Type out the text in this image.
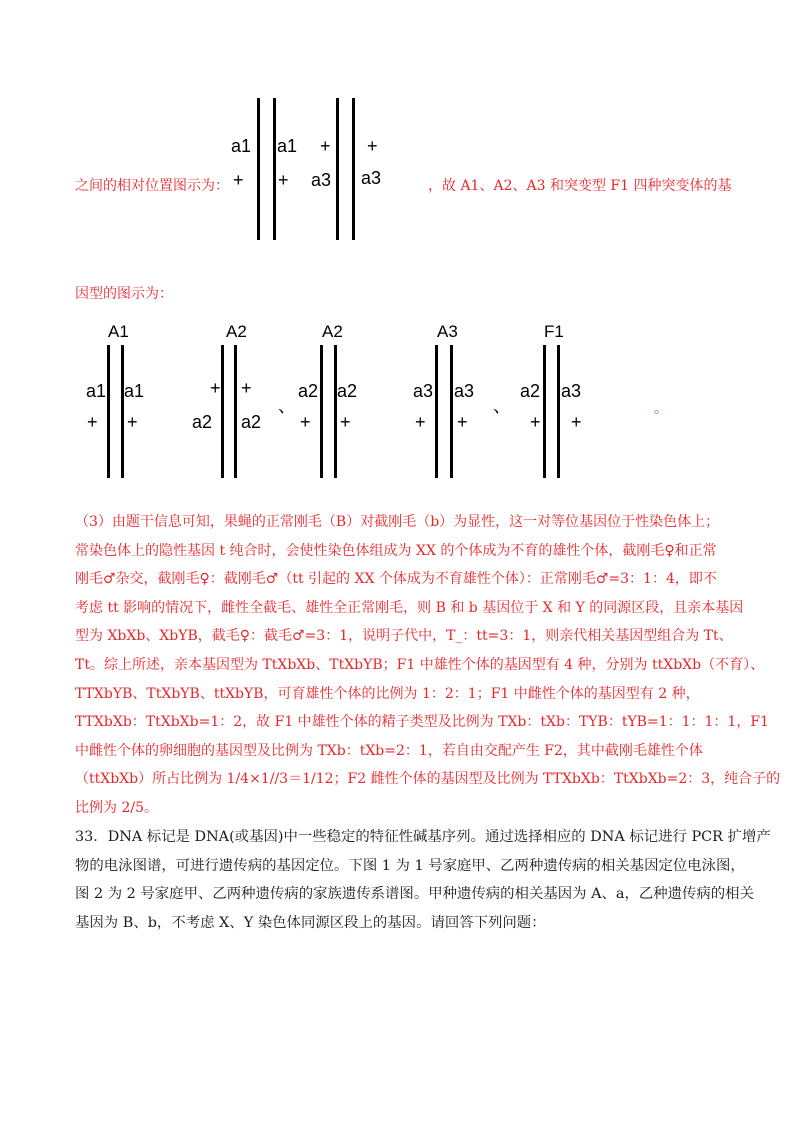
a1
+
a1
+
+
a3
+
a3
之间的相对位置图示为：	，故 A1、A2、A3 和突变型 F1 四种突变体的基
因型的图示为：
A1
a1
+
a1
+
A2
+
a2
+
a2
、
A2
a2
+
a2
+
A3
a3
+
a3
+
、
F1
a2
+
a3
+
。
（3）由题干信息可知，果蝇的正常刚毛（B）对截刚毛（b）为显性，这一对等位基因位于性染色体上；
常染色体上的隐性基因 t 纯合时，会使性染色体组成为 XX 的个体成为不育的雄性个体，截刚毛♀和正常
刚毛♂杂交，截刚毛♀：截刚毛♂（tt 引起的 XX 个体成为不育雄性个体）：正常刚毛♂=3：1：4，即不
考虑 tt 影响的情况下，雌性全截毛、雄性全正常刚毛，则 B 和 b 基因位于 X 和 Y 的同源区段，且亲本基因
型为 XbXb、XbYB，截毛♀：截毛♂=3：1，说明子代中，T_：tt=3：1，则亲代相关基因型组合为 Tt、
Tt。综上所述，亲本基因型为 TtXbXb、TtXbYB；F1 中雄性个体的基因型有 4 种，分别为 ttXbXb（不育）、
TTXbYB、TtXbYB、ttXbYB，可育雄性个体的比例为 1：2：1；F1 中雌性个体的基因型有 2 种，
TTXbXb：TtXbXb=1：2，故 F1 中雄性个体的精子类型及比例为 TXb：tXb：TYB：tYB=1：1：1：1，F1
中雌性个体的卵细胞的基因型及比例为 TXb：tXb=2：1，若自由交配产生 F2，其中截刚毛雄性个体
（ttXbXb）所占比例为 1/4×1//3＝1/12；F2 雌性个体的基因型及比例为 TTXbXb：TtXbXb=2：3，纯合子的
比例为 2/5。
33．DNA 标记是 DNA(或基因)中一些稳定的特征性碱基序列。通过选择相应的 DNA 标记进行 PCR 扩增产
物的电泳图谱，可进行遗传病的基因定位。下图 1 为 1 号家庭甲、乙两种遗传病的相关基因定位电泳图，
图 2 为 2 号家庭甲、乙两种遗传病的家族遗传系谱图。甲种遗传病的相关基因为 A、a，乙种遗传病的相关
基因为 B、b，不考虑 X、Y 染色体同源区段上的基因。请回答下列问题：
